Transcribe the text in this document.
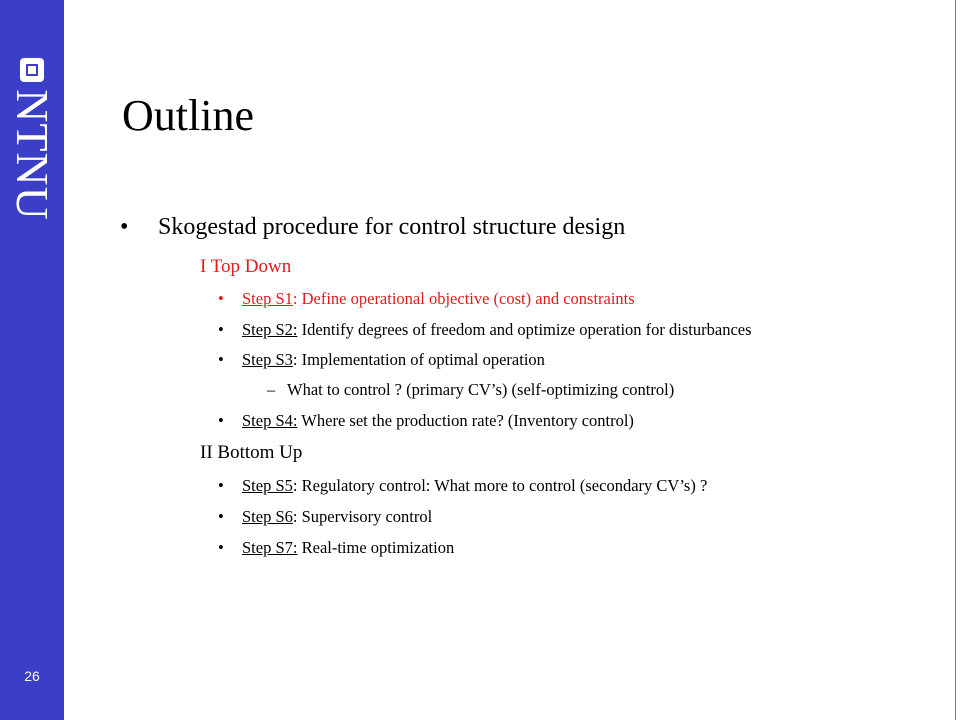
NTNU
26
Outline
• Skogestad procedure for control structure design
I Top Down
• Step S1: Define operational objective (cost) and constraints
• Step S2: Identify degrees of freedom and optimize operation for disturbances
• Step S3: Implementation of optimal operation
– What to control ? (primary CV’s) (self-optimizing control)
• Step S4: Where set the production rate? (Inventory control)
II Bottom Up
• Step S5: Regulatory control: What more to control (secondary CV’s) ?
• Step S6: Supervisory control
• Step S7: Real-time optimization
